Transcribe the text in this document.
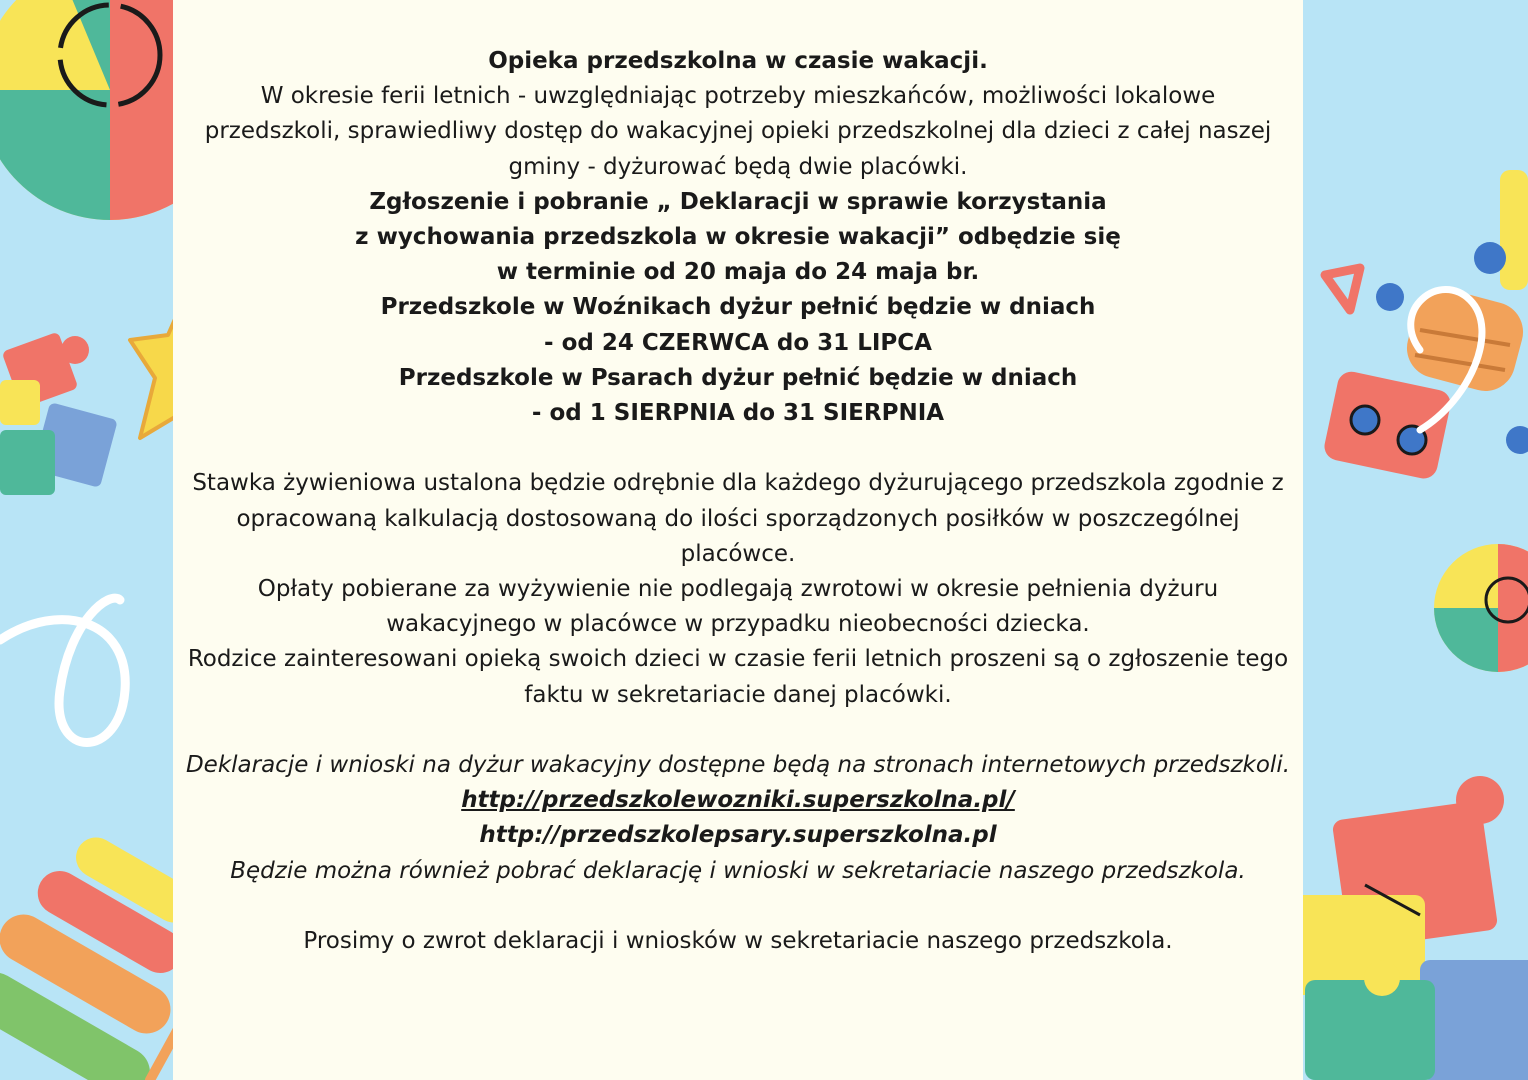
Opieka przedszkolna w czasie wakacji.
W okresie ferii letnich - uwzględniając potrzeby mieszkańców, możliwości lokalowe
przedszkoli, sprawiedliwy dostęp do wakacyjnej opieki przedszkolnej dla dzieci z całej naszej
gminy - dyżurować będą dwie placówki.
Zgłoszenie i pobranie „ Deklaracji w sprawie korzystania
z wychowania przedszkola w okresie wakacji” odbędzie się
w terminie od 20 maja do 24 maja br.
Przedszkole w Woźnikach dyżur pełnić będzie w dniach
- od 24 CZERWCA do 31 LIPCA
Przedszkole w Psarach dyżur pełnić będzie w dniach
- od 1 SIERPNIA do 31 SIERPNIA
Stawka żywieniowa ustalona będzie odrębnie dla każdego dyżurującego przedszkola zgodnie z
opracowaną kalkulacją dostosowaną do ilości sporządzonych posiłków w poszczególnej
placówce.
Opłaty pobierane za wyżywienie nie podlegają zwrotowi w okresie pełnienia dyżuru
wakacyjnego w placówce w przypadku nieobecności dziecka.
Rodzice zainteresowani opieką swoich dzieci w czasie ferii letnich proszeni są o zgłoszenie tego
faktu w sekretariacie danej placówki.
Deklaracje i wnioski na dyżur wakacyjny dostępne będą na stronach internetowych przedszkoli.
http://przedszkolewozniki.superszkolna.pl/
http://przedszkolepsary.superszkolna.pl
Będzie można również pobrać deklarację i wnioski w sekretariacie naszego przedszkola.
Prosimy o zwrot deklaracji i wniosków w sekretariacie naszego przedszkola.
